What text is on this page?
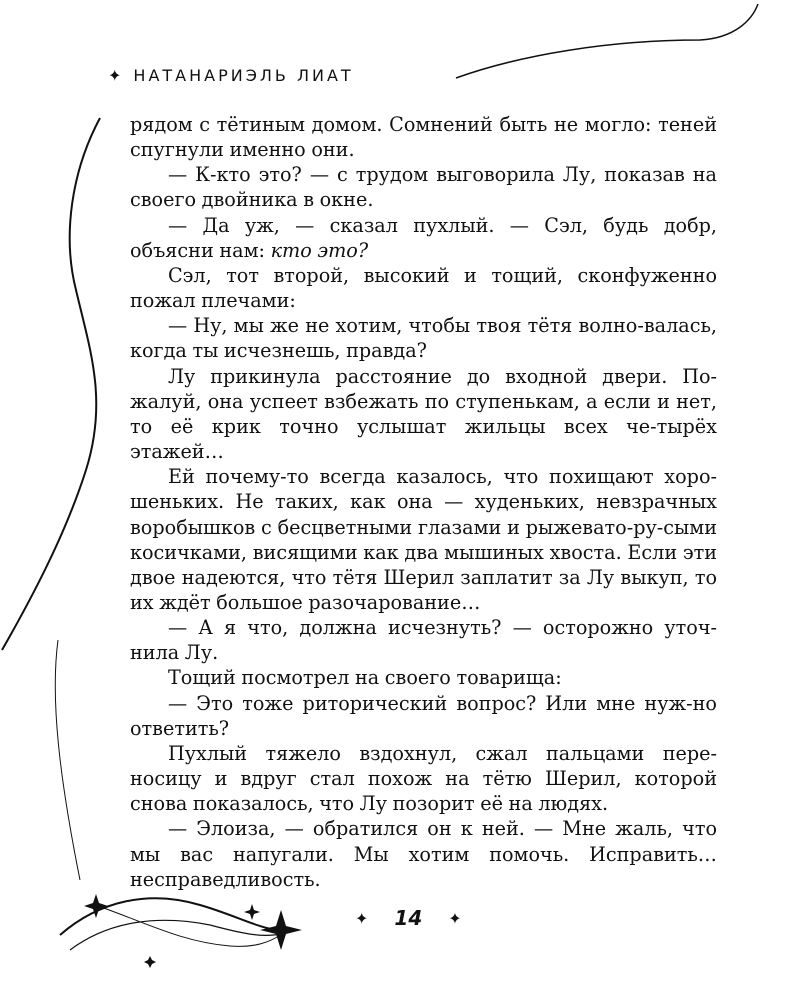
✦ НАТАНАРИЭЛЬ ЛИАТ

рядом с тётиным домом. Сомнений быть не могло: теней спугнули именно они.

— К-кто это? — с трудом выговорила Лу, показав на своего двойника в окне.

— Да уж, — сказал пухлый. — Сэл, будь добр, объясни нам: кто это?

Сэл, тот второй, высокий и тощий, сконфуженно пожал плечами:

— Ну, мы же не хотим, чтобы твоя тётя волно-валась, когда ты исчезнешь, правда?

Лу прикинула расстояние до входной двери. По-жалуй, она успеет взбежать по ступенькам, а если и нет, то её крик точно услышат жильцы всех че-тырёх этажей…

Ей почему-то всегда казалось, что похищают хоро-шеньких. Не таких, как она — худеньких, невзрачных воробышков с бесцветными глазами и рыжевато-ру-сыми косичками, висящими как два мышиных хвоста. Если эти двое надеются, что тётя Шерил заплатит за Лу выкуп, то их ждёт большое разочарование…

— А я что, должна исчезнуть? — осторожно уточ-нила Лу.

Тощий посмотрел на своего товарища:

— Это тоже риторический вопрос? Или мне нуж-но ответить?

Пухлый тяжело вздохнул, сжал пальцами пере-носицу и вдруг стал похож на тётю Шерил, которой снова показалось, что Лу позорит её на людях.

— Элоиза, — обратился он к ней. — Мне жаль, что мы вас напугали. Мы хотим помочь. Исправить… несправедливость.

✦ 14 ✦
